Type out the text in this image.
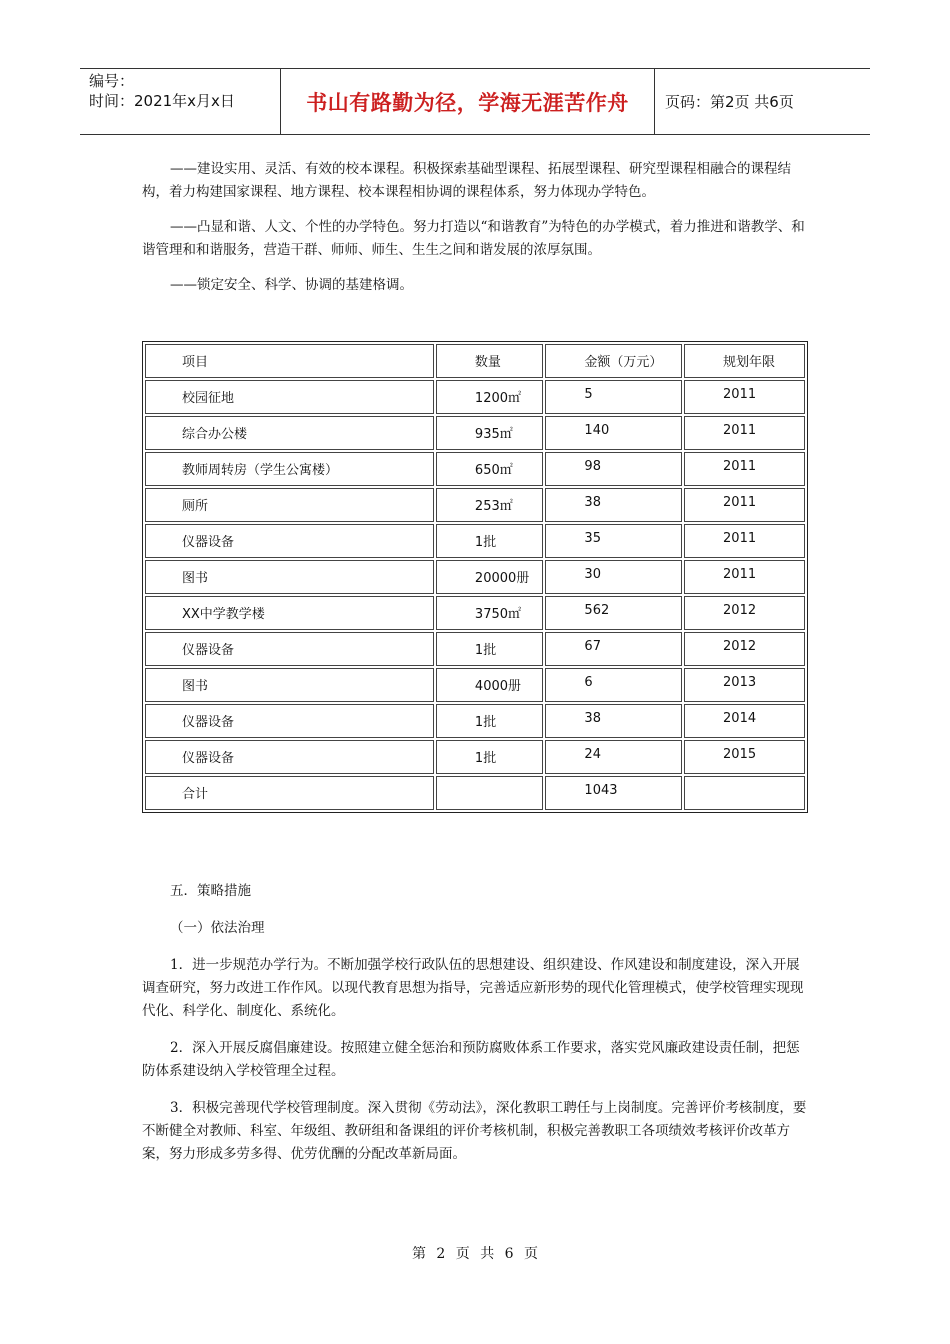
编号：
时间：2021年x月x日	书山有路勤为径，学海无涯苦作舟	页码：第2页 共6页

——建设实用、灵活、有效的校本课程。积极探索基础型课程、拓展型课程、研究型课程相融合的课程结构，着力构建国家课程、地方课程、校本课程相协调的课程体系，努力体现办学特色。

——凸显和谐、人文、个性的办学特色。努力打造以“和谐教育”为特色的办学模式，着力推进和谐教学、和谐管理和和谐服务，营造干群、师师、师生、生生之间和谐发展的浓厚氛围。

——锁定安全、科学、协调的基建格调。

项目	数量	金额（万元）	规划年限
校园征地	1200㎡	5	2011
综合办公楼	935㎡	140	2011
教师周转房（学生公寓楼）	650㎡	98	2011
厕所	253㎡	38	2011
仪器设备	1批	35	2011
图书	20000册	30	2011
XX中学教学楼	3750㎡	562	2012
仪器设备	1批	67	2012
图书	4000册	6	2013
仪器设备	1批	38	2014
仪器设备	1批	24	2015
合计		1043	

五．策略措施

（一）依法治理

1．进一步规范办学行为。不断加强学校行政队伍的思想建设、组织建设、作风建设和制度建设，深入开展调查研究，努力改进工作作风。以现代教育思想为指导，完善适应新形势的现代化管理模式，使学校管理实现现代化、科学化、制度化、系统化。

2．深入开展反腐倡廉建设。按照建立健全惩治和预防腐败体系工作要求，落实党风廉政建设责任制，把惩防体系建设纳入学校管理全过程。

3．积极完善现代学校管理制度。深入贯彻《劳动法》，深化教职工聘任与上岗制度。完善评价考核制度，要不断健全对教师、科室、年级组、教研组和备课组的评价考核机制，积极完善教职工各项绩效考核评价改革方案，努力形成多劳多得、优劳优酬的分配改革新局面。

第 2 页 共 6 页
